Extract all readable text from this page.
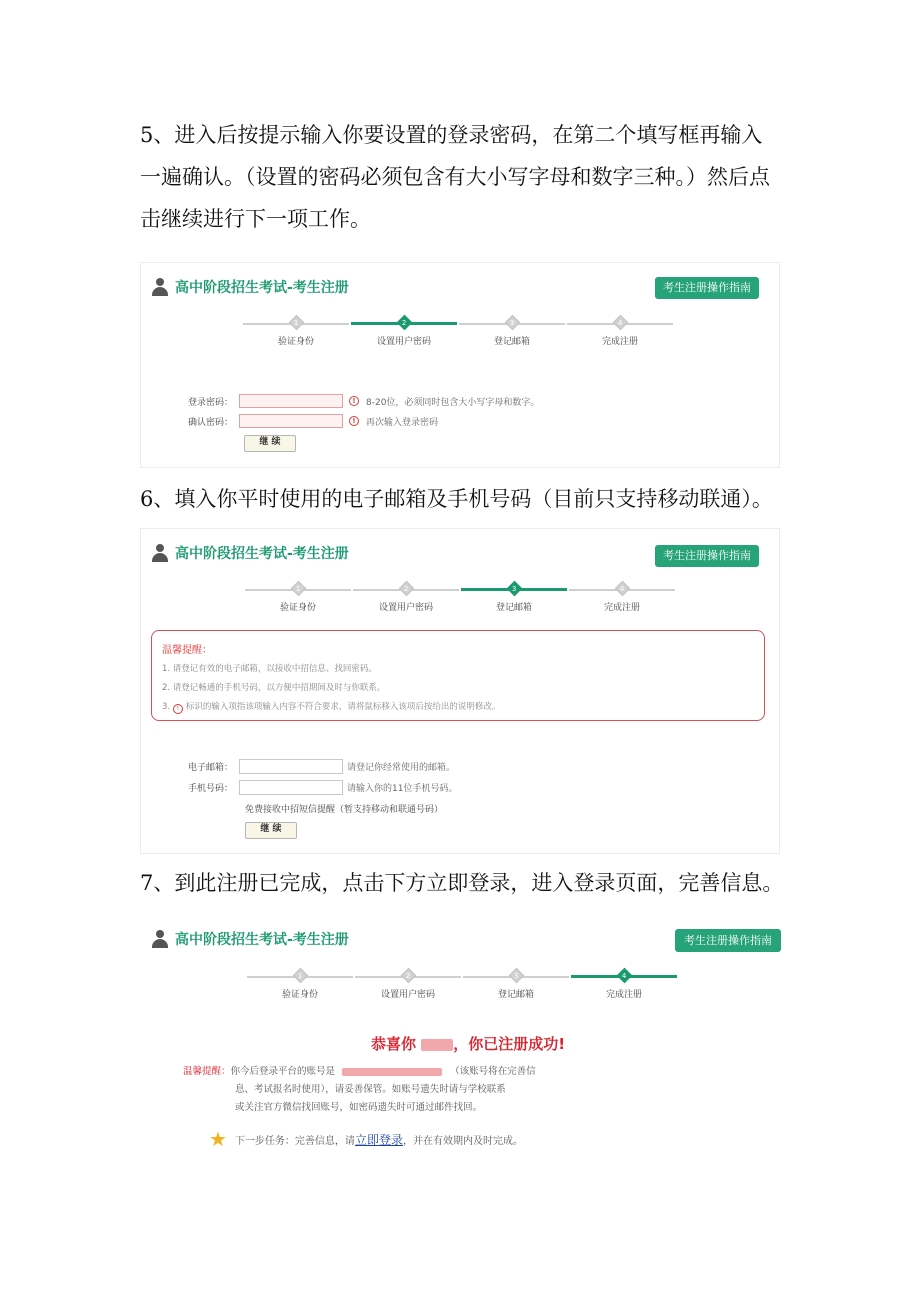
5、进入后按提示输入你要设置的登录密码，在第二个填写框再输入
一遍确认。（设置的密码必须包含有大小写字母和数字三种。）然后点
击继续进行下一项工作。
高中阶段招生考试-考生注册	考生注册操作指南
1
验证身份
2
设置用户密码
3
登记邮箱
4
完成注册
登录密码：	!	8-20位，必须同时包含大小写字母和数字。
确认密码：	!	再次输入登录密码
继 续
6、填入你平时使用的电子邮箱及手机号码（目前只支持移动联通）。
高中阶段招生考试-考生注册	考生注册操作指南
1
验证身份
2
设置用户密码
3
登记邮箱
4
完成注册
温馨提醒：
1. 请登记有效的电子邮箱，以接收中招信息、找回密码。
2. 请登记畅通的手机号码，以方便中招期间及时与你联系。
3. ! 标识的输入项指该项输入内容不符合要求，请将鼠标移入该项后按给出的说明修改。
电子邮箱：	请登记你经常使用的邮箱。
手机号码：	请输入你的11位手机号码。
免费接收中招短信提醒（暂支持移动和联通号码）
继 续
7、到此注册已完成，点击下方立即登录，进入登录页面，完善信息。
高中阶段招生考试-考生注册	考生注册操作指南
1
验证身份
2
设置用户密码
3
登记邮箱
4
完成注册
恭喜你 ，你已注册成功!
温馨提醒：你今后登录平台的账号是	（该账号将在完善信
息、考试报名时使用），请妥善保管。如账号遗失时请与学校联系
或关注官方微信找回账号，如密码遗失时可通过邮件找回。
★ 下一步任务：完善信息，请 立即登录 ，并在有效期内及时完成。
